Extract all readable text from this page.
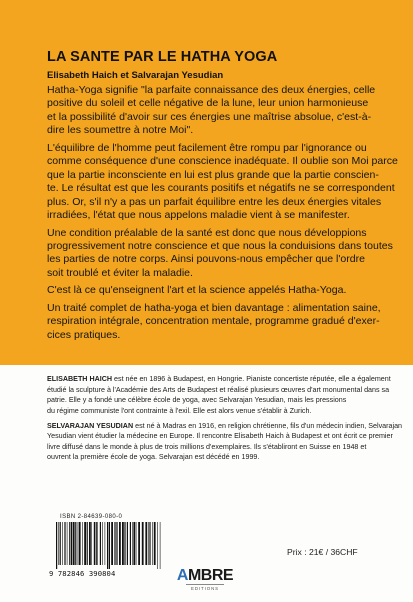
LA SANTE PAR LE HATHA YOGA
Elisabeth Haich et Salvarajan Yesudian
Hatha-Yoga signifie "la parfaite connaissance des deux énergies, celle
positive du soleil et celle négative de la lune, leur union harmonieuse
et la possibilité d'avoir sur ces énergies une maîtrise absolue, c'est-à-
dire les soumettre à notre Moi".
L'équilibre de l'homme peut facilement être rompu par l'ignorance ou
comme conséquence d'une conscience inadéquate. Il oublie son Moi parce
que la partie inconsciente en lui est plus grande que la partie conscien-
te. Le résultat est que les courants positifs et négatifs ne se correspondent
plus. Or, s'il n'y a pas un parfait équilibre entre les deux énergies vitales
irradiées, l'état que nous appelons maladie vient à se manifester.
Une condition préalable de la santé est donc que nous développions
progressivement notre conscience et que nous la conduisions dans toutes
les parties de notre corps. Ainsi pouvons-nous empêcher que l'ordre
soit troublé et éviter la maladie.
C'est là ce qu'enseignent l'art et la science appelés Hatha-Yoga.
Un traité complet de hatha-yoga et bien davantage : alimentation saine,
respiration intégrale, concentration mentale, programme gradué d'exer-
cices pratiques.
ELISABETH HAICH est née en 1896 à Budapest, en Hongrie. Pianiste concertiste réputée, elle a également
étudié la sculpture à l'Académie des Arts de Budapest et réalisé plusieurs œuvres d'art monumental dans sa
patrie. Elle y a fondé une célèbre école de yoga, avec Selvarajan Yesudian, mais les pressions
du régime communiste l'ont contrainte à l'exil. Elle est alors venue s'établir à Zurich.
SELVARAJAN YESUDIAN est né à Madras en 1916, en religion chrétienne, fils d'un médecin indien, Selvarajan
Yesudian vient étudier la médecine en Europe. Il rencontre Elisabeth Haich à Budapest et ont écrit ce premier
livre diffusé dans le monde à plus de trois millions d'exemplaires. Ils s'établiront en Suisse en 1948 et
ouvrent la première école de yoga. Selvarajan est décédé en 1999.
ISBN 2-84639-080-0
9 782846 390804
Prix : 21€ / 36CHF
AMBRE
EDITIONS
